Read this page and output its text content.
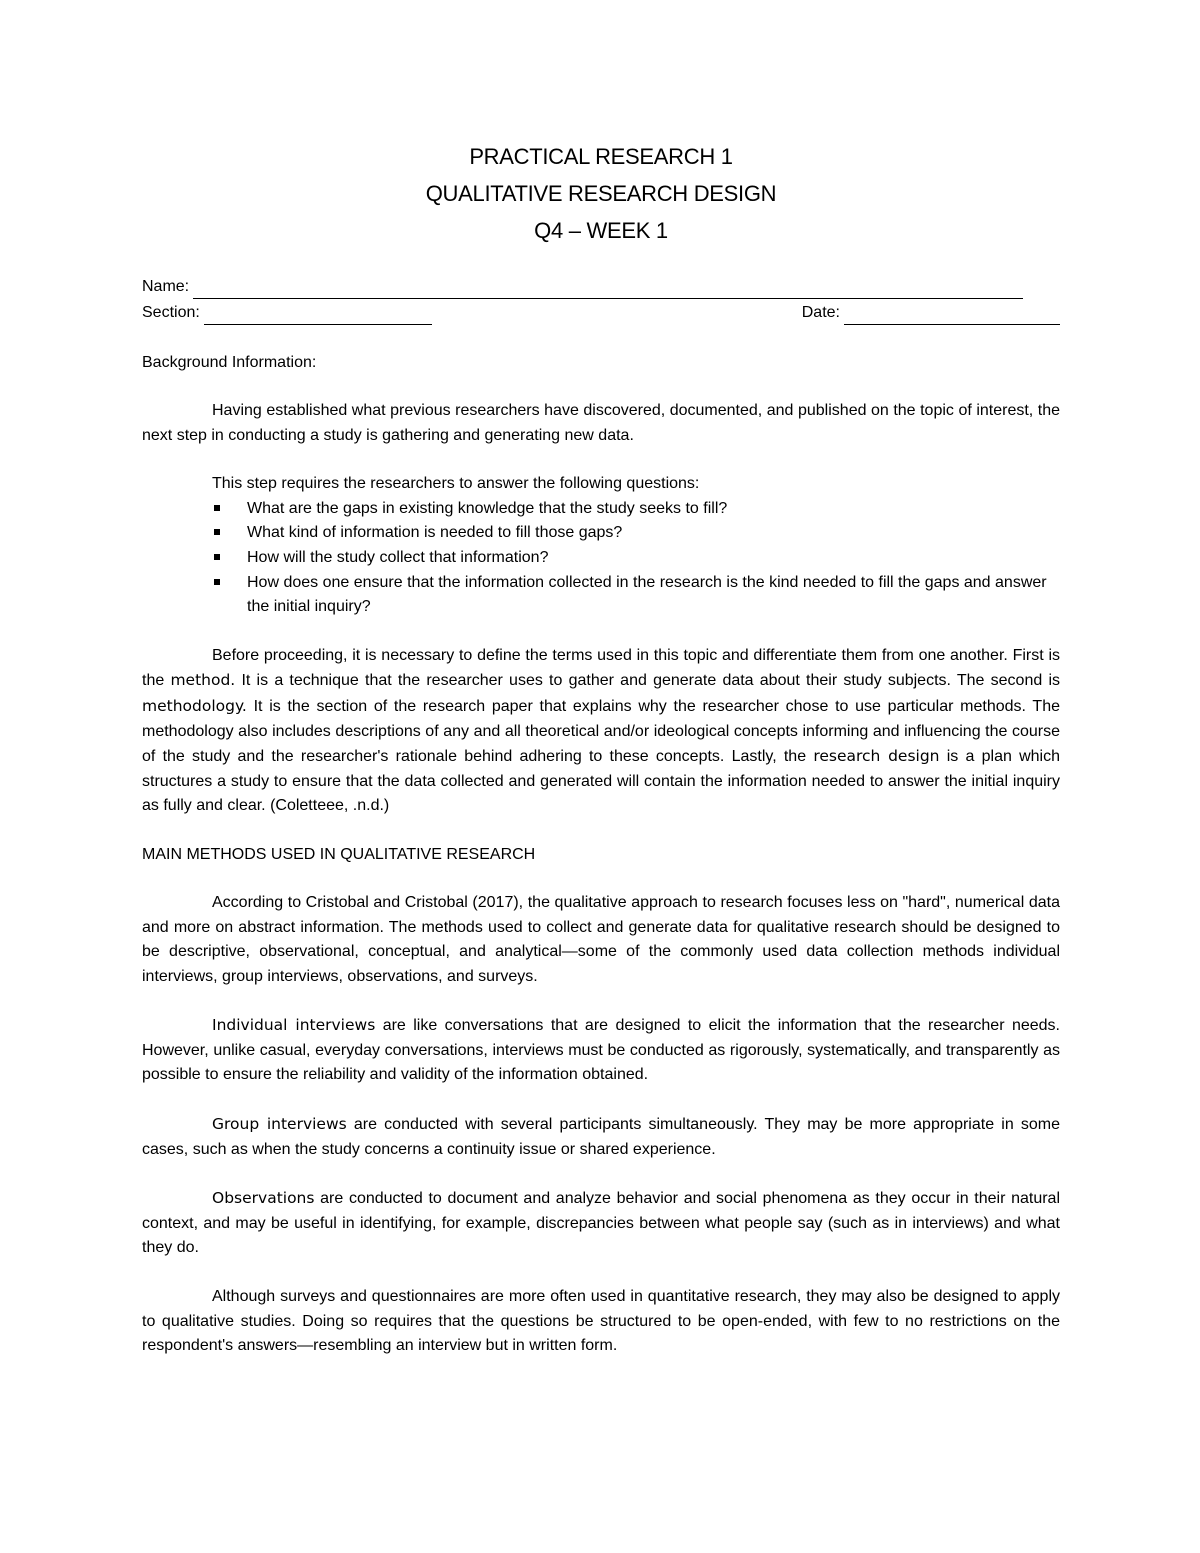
PRACTICAL RESEARCH 1
QUALITATIVE RESEARCH DESIGN
Q4 – WEEK 1
Name:
Section:	Date:
Background Information:

Having established what previous researchers have discovered, documented, and published on the topic of interest, the next step in conducting a study is gathering and generating new data.

This step requires the researchers to answer the following questions:
What are the gaps in existing knowledge that the study seeks to fill?
What kind of information is needed to fill those gaps?
How will the study collect that information?
How does one ensure that the information collected in the research is the kind needed to fill the gaps and answer the initial inquiry?

Before proceeding, it is necessary to define the terms used in this topic and differentiate them from one another. First is the method. It is a technique that the researcher uses to gather and generate data about their study subjects. The second is methodology. It is the section of the research paper that explains why the researcher chose to use particular methods. The methodology also includes descriptions of any and all theoretical and/or ideological concepts informing and influencing the course of the study and the researcher's rationale behind adhering to these concepts. Lastly, the research design is a plan which structures a study to ensure that the data collected and generated will contain the information needed to answer the initial inquiry as fully and clear. (Coletteee, .n.d.)

MAIN METHODS USED IN QUALITATIVE RESEARCH

According to Cristobal and Cristobal (2017), the qualitative approach to research focuses less on "hard", numerical data and more on abstract information. The methods used to collect and generate data for qualitative research should be designed to be descriptive, observational, conceptual, and analytical—some of the commonly used data collection methods individual interviews, group interviews, observations, and surveys.

Individual interviews are like conversations that are designed to elicit the information that the researcher needs. However, unlike casual, everyday conversations, interviews must be conducted as rigorously, systematically, and transparently as possible to ensure the reliability and validity of the information obtained.

Group interviews are conducted with several participants simultaneously. They may be more appropriate in some cases, such as when the study concerns a continuity issue or shared experience.

Observations are conducted to document and analyze behavior and social phenomena as they occur in their natural context, and may be useful in identifying, for example, discrepancies between what people say (such as in interviews) and what they do.

Although surveys and questionnaires are more often used in quantitative research, they may also be designed to apply to qualitative studies. Doing so requires that the questions be structured to be open-ended, with few to no restrictions on the respondent's answers—resembling an interview but in written form.
